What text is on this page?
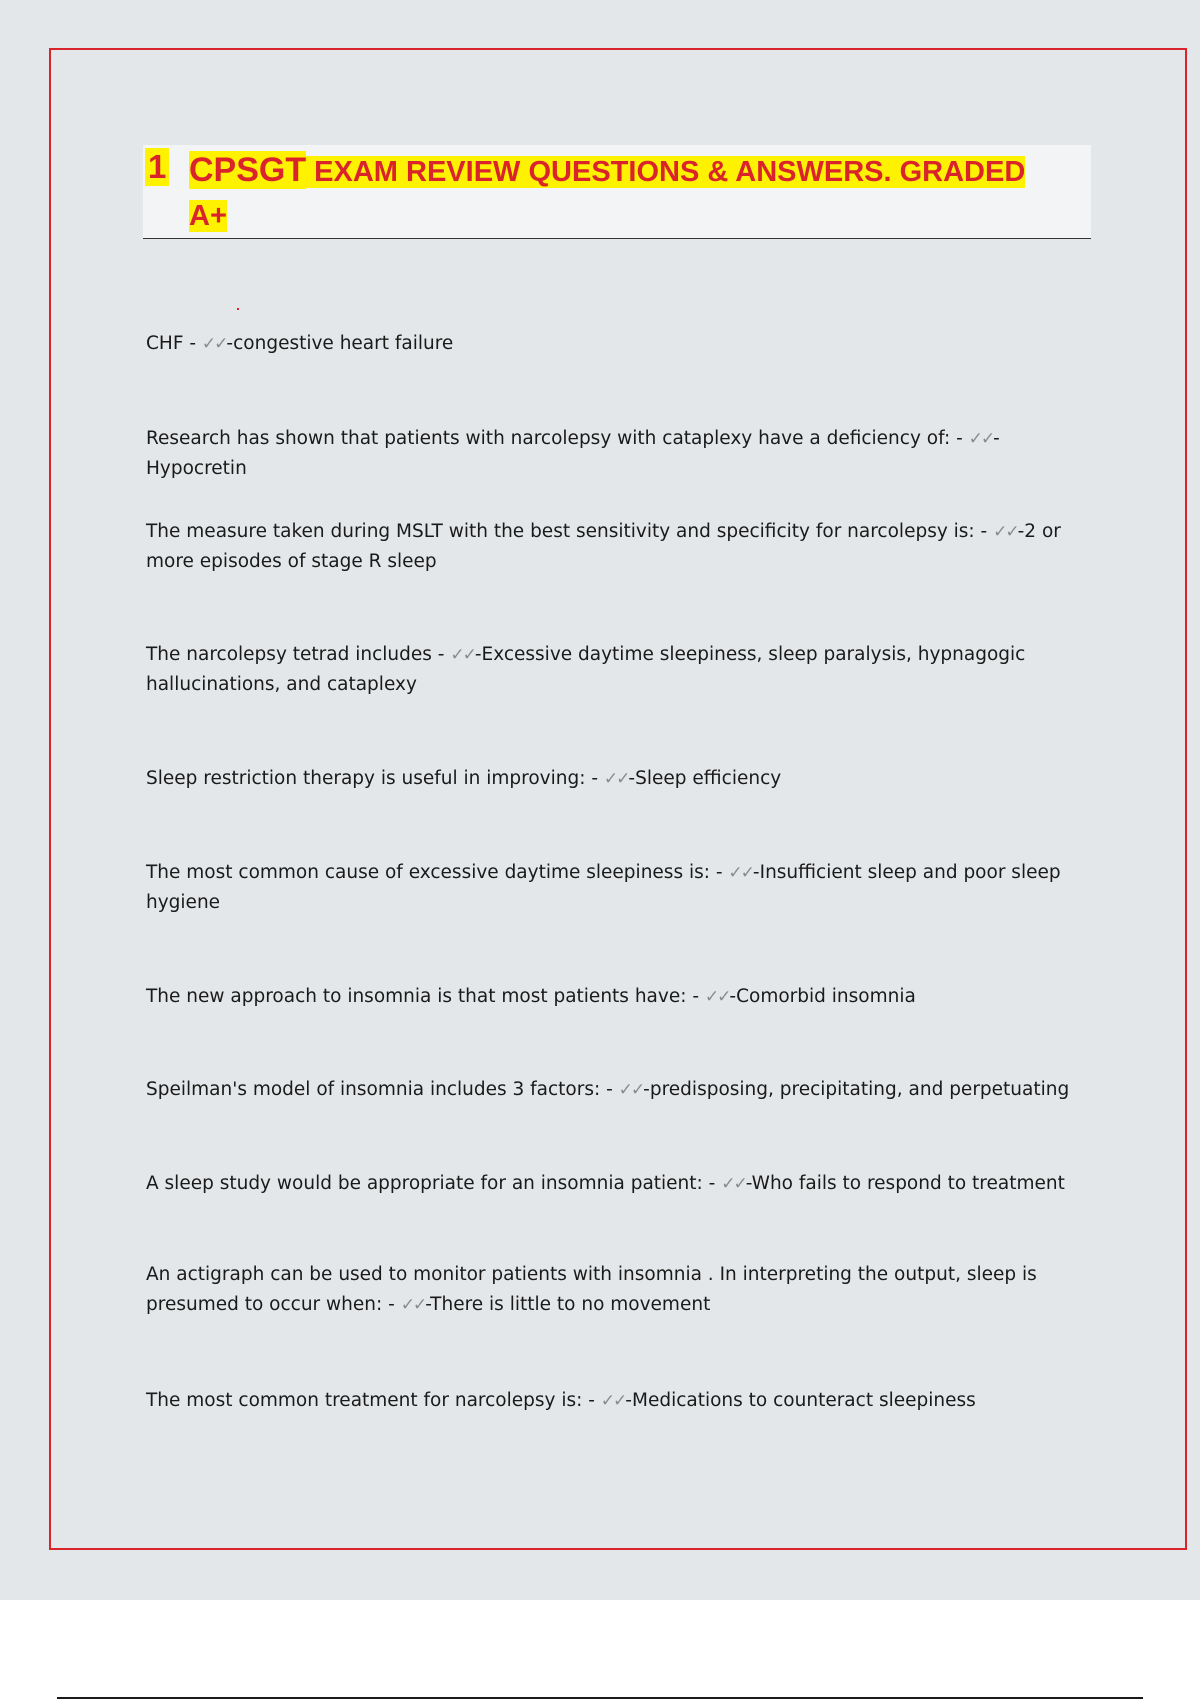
1 CPSGT EXAM REVIEW QUESTIONS & ANSWERS. GRADED A+

CHF - ✓✓-congestive heart failure

Research has shown that patients with narcolepsy with cataplexy have a deficiency of: - ✓✓-Hypocretin

The measure taken during MSLT with the best sensitivity and specificity for narcolepsy is: - ✓✓-2 or more episodes of stage R sleep

The narcolepsy tetrad includes - ✓✓-Excessive daytime sleepiness, sleep paralysis, hypnagogic hallucinations, and cataplexy

Sleep restriction therapy is useful in improving: - ✓✓-Sleep efficiency

The most common cause of excessive daytime sleepiness is: - ✓✓-Insufficient sleep and poor sleep hygiene

The new approach to insomnia is that most patients have: - ✓✓-Comorbid insomnia

Speilman's model of insomnia includes 3 factors: - ✓✓-predisposing, precipitating, and perpetuating

A sleep study would be appropriate for an insomnia patient: - ✓✓-Who fails to respond to treatment

An actigraph can be used to monitor patients with insomnia . In interpreting the output, sleep is presumed to occur when: - ✓✓-There is little to no movement

The most common treatment for narcolepsy is: - ✓✓-Medications to counteract sleepiness
